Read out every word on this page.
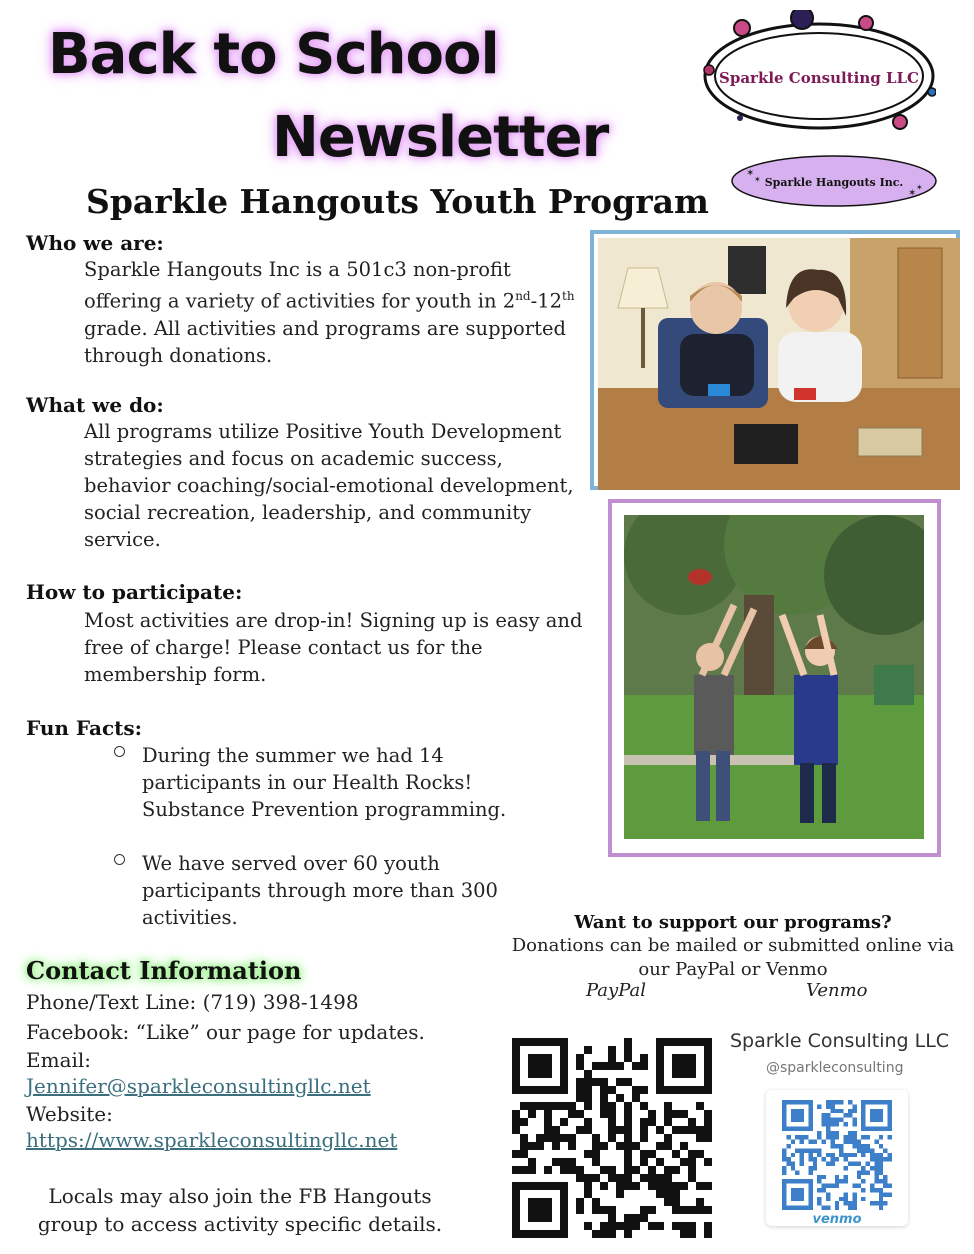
Back to School
Newsletter
Sparkle Hangouts Youth Program
Sparkle Consulting LLC
Sparkle Hangouts Inc.
✶
✶
✶
✶
Who we are:
Sparkle Hangouts Inc is a 501c3 non-profit offering a variety of activities for youth in 2nd-12th grade. All activities and programs are supported through donations.
What we do:
All programs utilize Positive Youth Development strategies and focus on academic success, behavior coaching/social-emotional development, social recreation, leadership, and community service.
How to participate:
Most activities are drop-in! Signing up is easy and free of charge! Please contact us for the membership form.
Fun Facts:
During the summer we had 14 participants in our Health Rocks! Substance Prevention programming.
We have served over 60 youth participants through more than 300 activities.	Want to support our programs?
Donations can be mailed or submitted online via our PayPal or Venmo
PayPal	Venmo
Contact Information
Phone/Text Line: (719) 398-1498
Facebook: “Like” our page for updates.
Email:
Jennifer@sparkleconsultingllc.net
Website:
https://www.sparkleconsultingllc.net
Locals may also join the FB Hangouts group to access activity specific details.
Sparkle Consulting LLC
@sparkleconsulting
venmo
